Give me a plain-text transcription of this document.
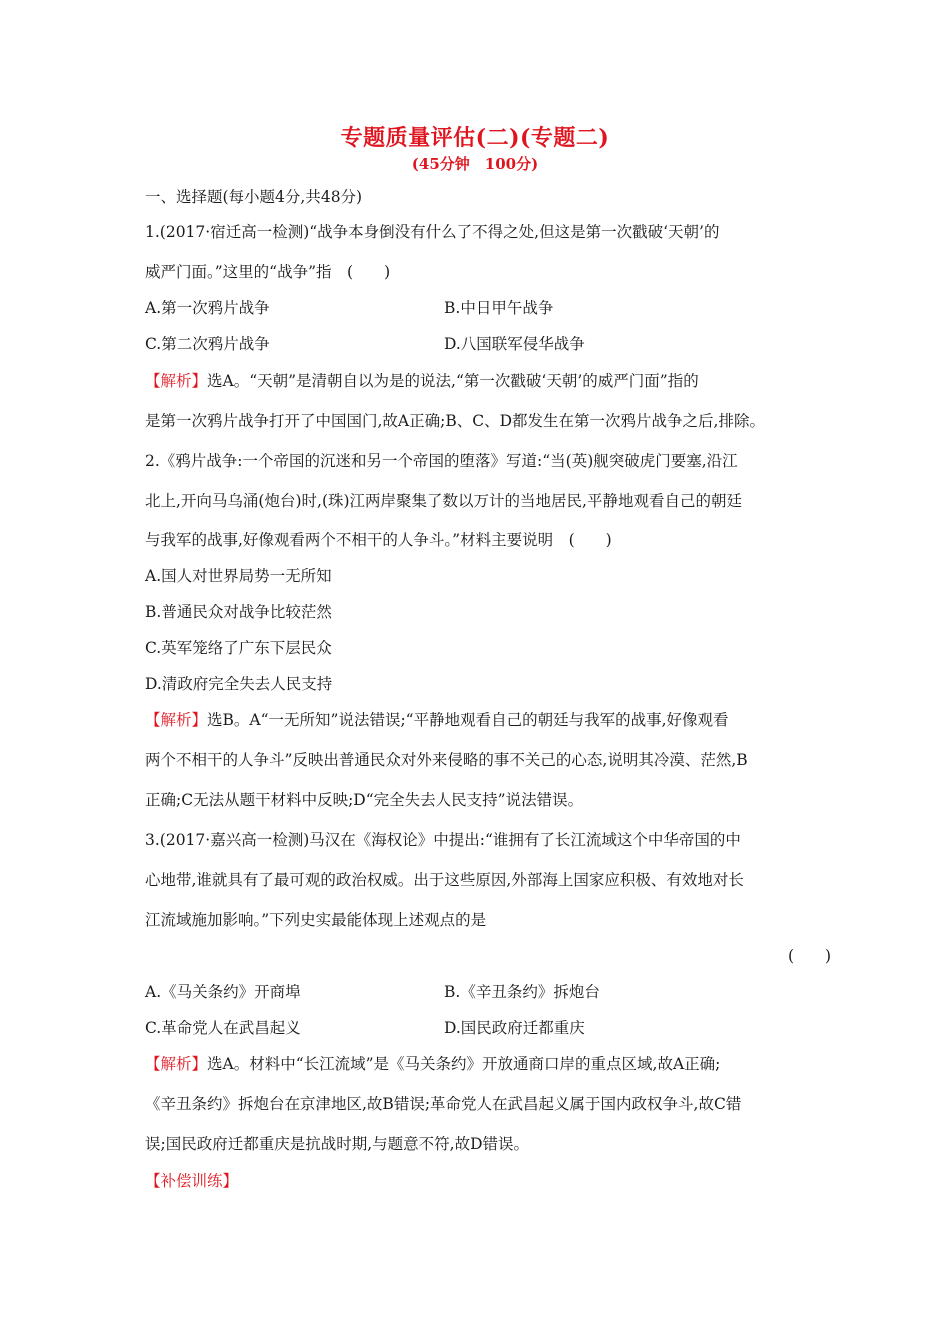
专题质量评估(二)(专题二)
(45分钟　100分)
一、选择题(每小题4分,共48分)
1.(2017·宿迁高一检测)“战争本身倒没有什么了不得之处,但这是第一次戳破‘天朝’的
威严门面。”这里的“战争”指　(　　)
A.第一次鸦片战争	B.中日甲午战争
C.第二次鸦片战争	D.八国联军侵华战争
【解析】选A。“天朝”是清朝自以为是的说法,“第一次戳破‘天朝’的威严门面”指的
是第一次鸦片战争打开了中国国门,故A正确;B、C、D都发生在第一次鸦片战争之后,排除。
2.《鸦片战争:一个帝国的沉迷和另一个帝国的堕落》写道:“当(英)舰突破虎门要塞,沿江
北上,开向马乌涌(炮台)时,(珠)江两岸聚集了数以万计的当地居民,平静地观看自己的朝廷
与我军的战事,好像观看两个不相干的人争斗。”材料主要说明　(　　)
A.国人对世界局势一无所知
B.普通民众对战争比较茫然
C.英军笼络了广东下层民众
D.清政府完全失去人民支持
【解析】选B。A“一无所知”说法错误;“平静地观看自己的朝廷与我军的战事,好像观看
两个不相干的人争斗”反映出普通民众对外来侵略的事不关己的心态,说明其冷漠、茫然,B
正确;C无法从题干材料中反映;D“完全失去人民支持”说法错误。
3.(2017·嘉兴高一检测)马汉在《海权论》中提出:“谁拥有了长江流域这个中华帝国的中
心地带,谁就具有了最可观的政治权威。出于这些原因,外部海上国家应积极、有效地对长
江流域施加影响。”下列史实最能体现上述观点的是
(　　)
A.《马关条约》开商埠	B.《辛丑条约》拆炮台
C.革命党人在武昌起义	D.国民政府迁都重庆
【解析】选A。材料中“长江流域”是《马关条约》开放通商口岸的重点区域,故A正确;
《辛丑条约》拆炮台在京津地区,故B错误;革命党人在武昌起义属于国内政权争斗,故C错
误;国民政府迁都重庆是抗战时期,与题意不符,故D错误。
【补偿训练】
